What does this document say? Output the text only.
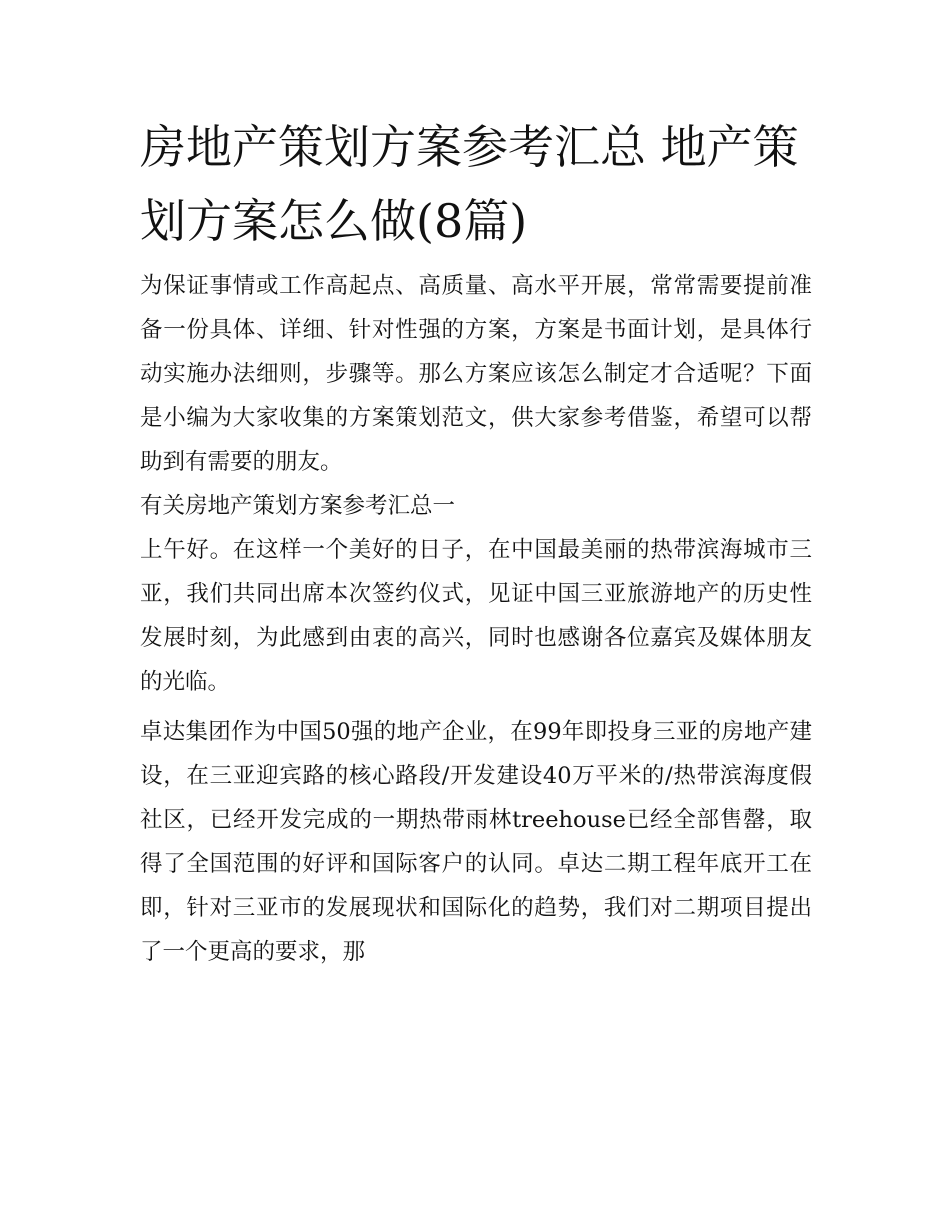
房地产策划方案参考汇总 地产策划方案怎么做(8篇)

为保证事情或工作高起点、高质量、高水平开展，常常需要提前准备一份具体、详细、针对性强的方案，方案是书面计划，是具体行动实施办法细则，步骤等。那么方案应该怎么制定才合适呢？下面是小编为大家收集的方案策划范文，供大家参考借鉴，希望可以帮助到有需要的朋友。

有关房地产策划方案参考汇总一

上午好。在这样一个美好的日子，在中国最美丽的热带滨海城市三亚，我们共同出席本次签约仪式，见证中国三亚旅游地产的历史性发展时刻，为此感到由衷的高兴，同时也感谢各位嘉宾及媒体朋友的光临。

卓达集团作为中国50强的地产企业，在99年即投身三亚的房地产建设，在三亚迎宾路的核心路段/开发建设40万平米的/热带滨海度假社区，已经开发完成的一期热带雨林treehouse已经全部售罄，取得了全国范围的好评和国际客户的认同。卓达二期工程年底开工在即，针对三亚市的发展现状和国际化的趋势，我们对二期项目提出了一个更高的要求，那
